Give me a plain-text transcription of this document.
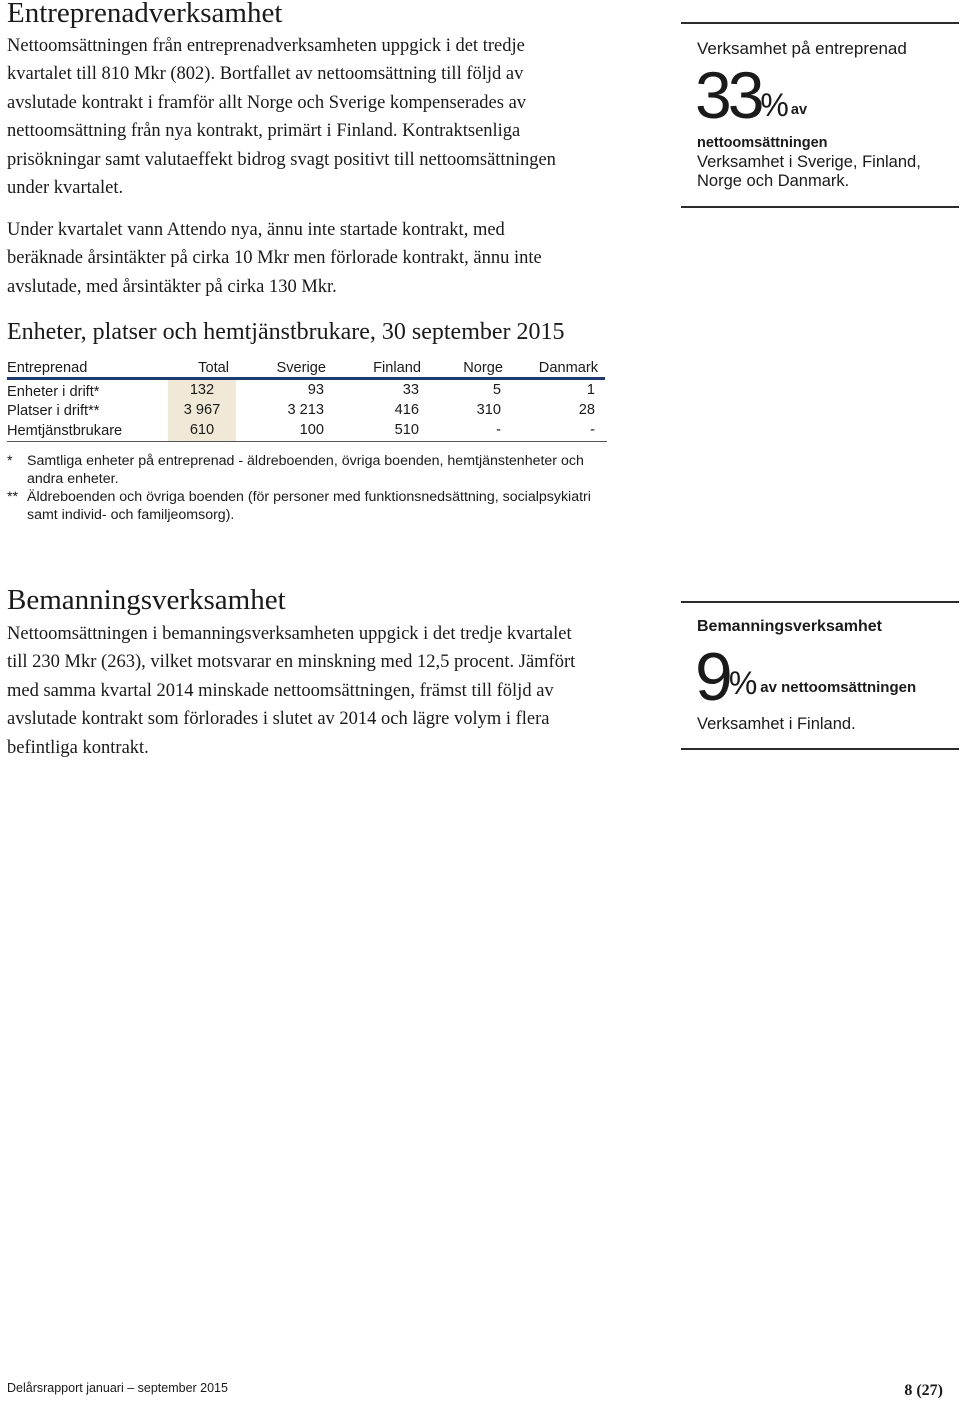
Entreprenadverksamhet

Nettoomsättningen från entreprenadverksamheten uppgick i det tredje

kvartalet till 810 Mkr (802). Bortfallet av nettoomsättning till följd av

avslutade kontrakt i framför allt Norge och Sverige kompenserades av

nettoomsättning från nya kontrakt, primärt i Finland. Kontraktsenliga

prisökningar samt valutaeffekt bidrog svagt positivt till nettoomsättningen

under kvartalet.

Under kvartalet vann Attendo nya, ännu inte startade kontrakt, med

beräknade årsintäkter på cirka 10 Mkr men förlorade kontrakt, ännu inte

avslutade, med årsintäkter på cirka 130 Mkr.

Enheter, platser och hemtjänstbrukare, 30 september 2015
Entreprenad	Total	Sverige	Finland	Norge	Danmark
Enheter i drift*	132	93	33	5	1
Platser i drift**	3 967	3 213	416	310	28
Hemtjänstbrukare	610	100	510	-	-
* Samtliga enheter på entreprenad - äldreboenden, övriga boenden, hemtjänstenheter och
andra enheter.
** Äldreboenden och övriga boenden (för personer med funktionsnedsättning, socialpsykiatri
samt individ- och familjeomsorg).
Verksamhet på entreprenad
33% av
nettoomsättningen
Verksamhet i Sverige, Finland,
Norge och Danmark.
Bemanningsverksamhet

Nettoomsättningen i bemanningsverksamheten uppgick i det tredje kvartalet

till 230 Mkr (263), vilket motsvarar en minskning med 12,5 procent. Jämfört

med samma kvartal 2014 minskade nettoomsättningen, främst till följd av

avslutade kontrakt som förlorades i slutet av 2014 och lägre volym i flera

befintliga kontrakt.

Bemanningsverksamhet
9% av nettoomsättningen
Verksamhet i Finland.
Delårsrapport januari – september 2015	8 (27)
